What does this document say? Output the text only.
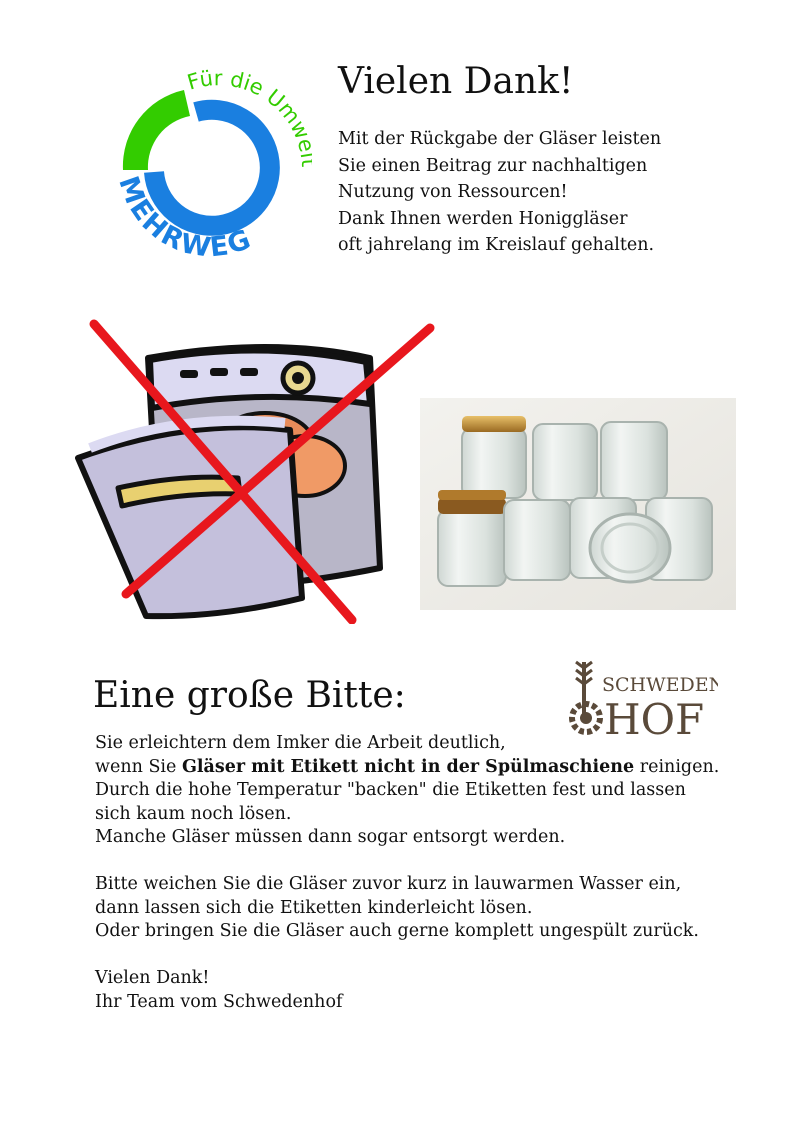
Für die Umw
MEHRWEG
Vielen Dank!
Mit der Rückgabe der Gläser leisten
Sie einen Beitrag zur nachhaltigen
Nutzung von Ressourcen!
Dank Ihnen werden Honiggläser
oft jahrelang im Kreislauf gehalten.
Eine große Bitte:	SCHWEDEN
HOF
Sie erleichtern dem Imker die Arbeit deutlich,
wenn Sie Gläser mit Etikett nicht in der Spülmaschiene reinigen.
Durch die hohe Temperatur "backen" die Etiketten fest und lassen
sich kaum noch lösen.
Manche Gläser müssen dann sogar entsorgt werden.
Bitte weichen Sie die Gläser zuvor kurz in lauwarmen Wasser ein,
dann lassen sich die Etiketten kinderleicht lösen.
Oder bringen Sie die Gläser auch gerne komplett ungespült zurück.
Vielen Dank!
Ihr Team vom Schwedenhof
